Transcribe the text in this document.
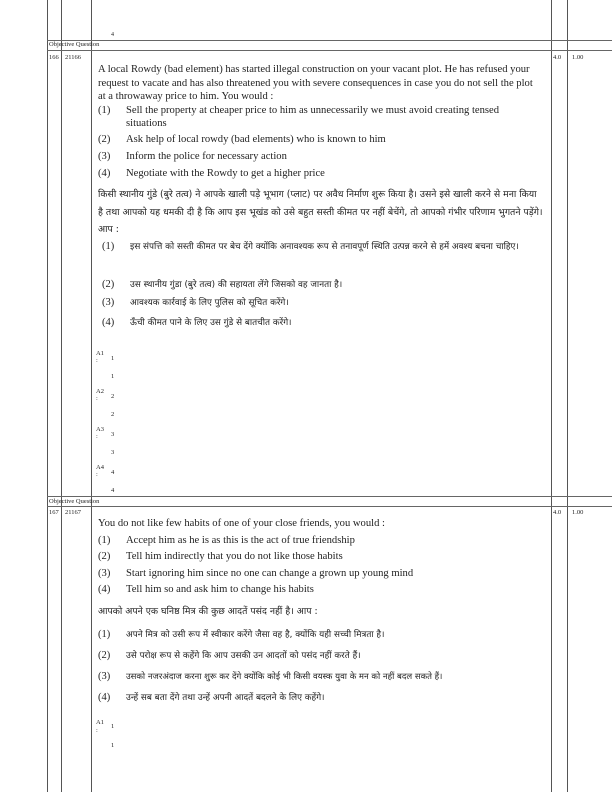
4
Objective Question
166 21166	4.0 1.00
A local Rowdy (bad element) has started illegal construction on your vacant plot. He has refused your request to vacate and has also threatened you with severe consequences in case you do not sell the plot at a throwaway price to him. You would :
(1) Sell the property at cheaper price to him as unnecessarily we must avoid creating tensed situations
(2) Ask help of local rowdy (bad elements) who is known to him
(3) Inform the police for necessary action
(4) Negotiate with the Rowdy to get a higher price
किसी स्थानीय गुंडे (बुरे तत्व) ने आपके खाली पड़े भूभाग (प्लाट) पर अवैध निर्माण शुरू किया है। उसने इसे खाली करने से मना किया है तथा आपको यह धमकी दी है कि आप इस भूखंड को उसे बहुत सस्ती कीमत पर नहीं बेचेंगे, तो आपको गंभीर परिणाम भुगतने पड़ेंगे। आप :
(1) इस संपत्ति को सस्ती कीमत पर बेच देंगे क्योंकि अनावश्यक रूप से तनावपूर्ण स्थिति उत्पन्न करने से हमें अवश्य बचना चाहिए।
(2) उस स्थानीय गुंडा (बुरे तत्व) की सहायता लेंगे जिसको वह जानता है।
(3) आवश्यक कार्रवाई के लिए पुलिस को सूचित करेंगे।
(4) ऊँची कीमत पाने के लिए उस गुंडे से बातचीत करेंगे।
A1
: 1
1
A2
: 2
2
A3
: 3
3
A4
: 4
4
Objective Question
167 21167	4.0 1.00
You do not like few habits of one of your close friends, you would :
(1) Accept him as he is as this is the act of true friendship
(2) Tell him indirectly that you do not like those habits
(3) Start ignoring him since no one can change a grown up young mind
(4) Tell him so and ask him to change his habits
आपको अपने एक घनिष्ठ मित्र की कुछ आदतें पसंद नहीं है। आप :
(1) अपने मित्र को उसी रूप में स्वीकार करेंगे जैसा वह है, क्योंकि यही सच्ची मित्रता है।
(2) उसे परोक्ष रूप से कहेंगे कि आप उसकी उन आदतों को पसंद नहीं करते हैं।
(3) उसको नजरअंदाज करना शुरू कर देंगे क्योंकि कोई भी किसी वयस्क युवा के मन को नहीं बदल सकते हैं।
(4) उन्हें सब बता देंगे तथा उन्हें अपनी आदतें बदलने के लिए कहेंगे।
A1
:
1
1
